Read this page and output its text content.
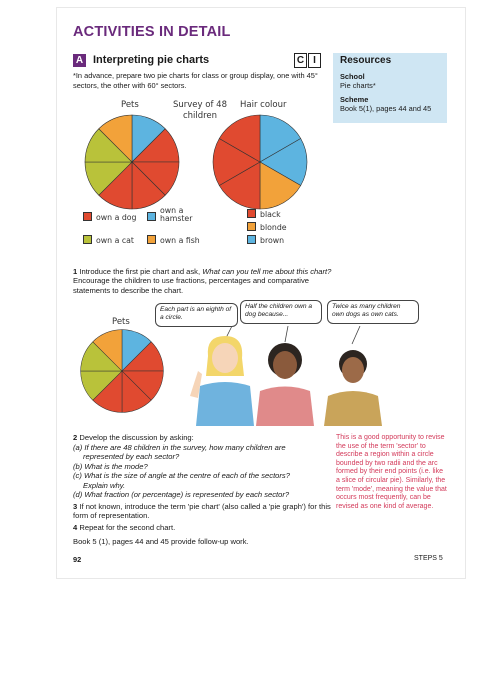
ACTIVITIES IN DETAIL
A Interpreting pie charts	C I
*In advance, prepare two pie charts for class or group display, one with 45° sectors, the other with 60° sectors.
Resources
School
Pie charts*
Scheme
Book 5(1), pages 44 and 45
Pets	Survey of 48 children
Hair colour
own a dog
own a hamster
own a cat	own a fish
black
blonde
brown
1 Introduce the first pie chart and ask, What can you tell me about this chart? Encourage the children to use fractions, percentages and comparative statements to describe the chart.
Pets
Each part is an eighth of a circle.
Half the children own a dog because...
Twice as many children own dogs as own cats.
2 Develop the discussion by asking:
(a) If there are 48 children in the survey, how many children are
represented by each sector?
(b) What is the mode?
(c) What is the size of angle at the centre of each of the sectors?
Explain why.
(d) What fraction (or percentage) is represented by each sector?
3 If not known, introduce the term 'pie chart' (also called a 'pie graph') for this form of representation.
4 Repeat for the second chart.
Book 5 (1), pages 44 and 45 provide follow-up work.
This is a good opportunity to revise the use of the term 'sector' to describe a region within a circle bounded by two radii and the arc formed by their end points (i.e. like a slice of circular pie). Similarly, the term 'mode', meaning the value that occurs most frequently, can be revised as one kind of average.
92	STEPS 5
